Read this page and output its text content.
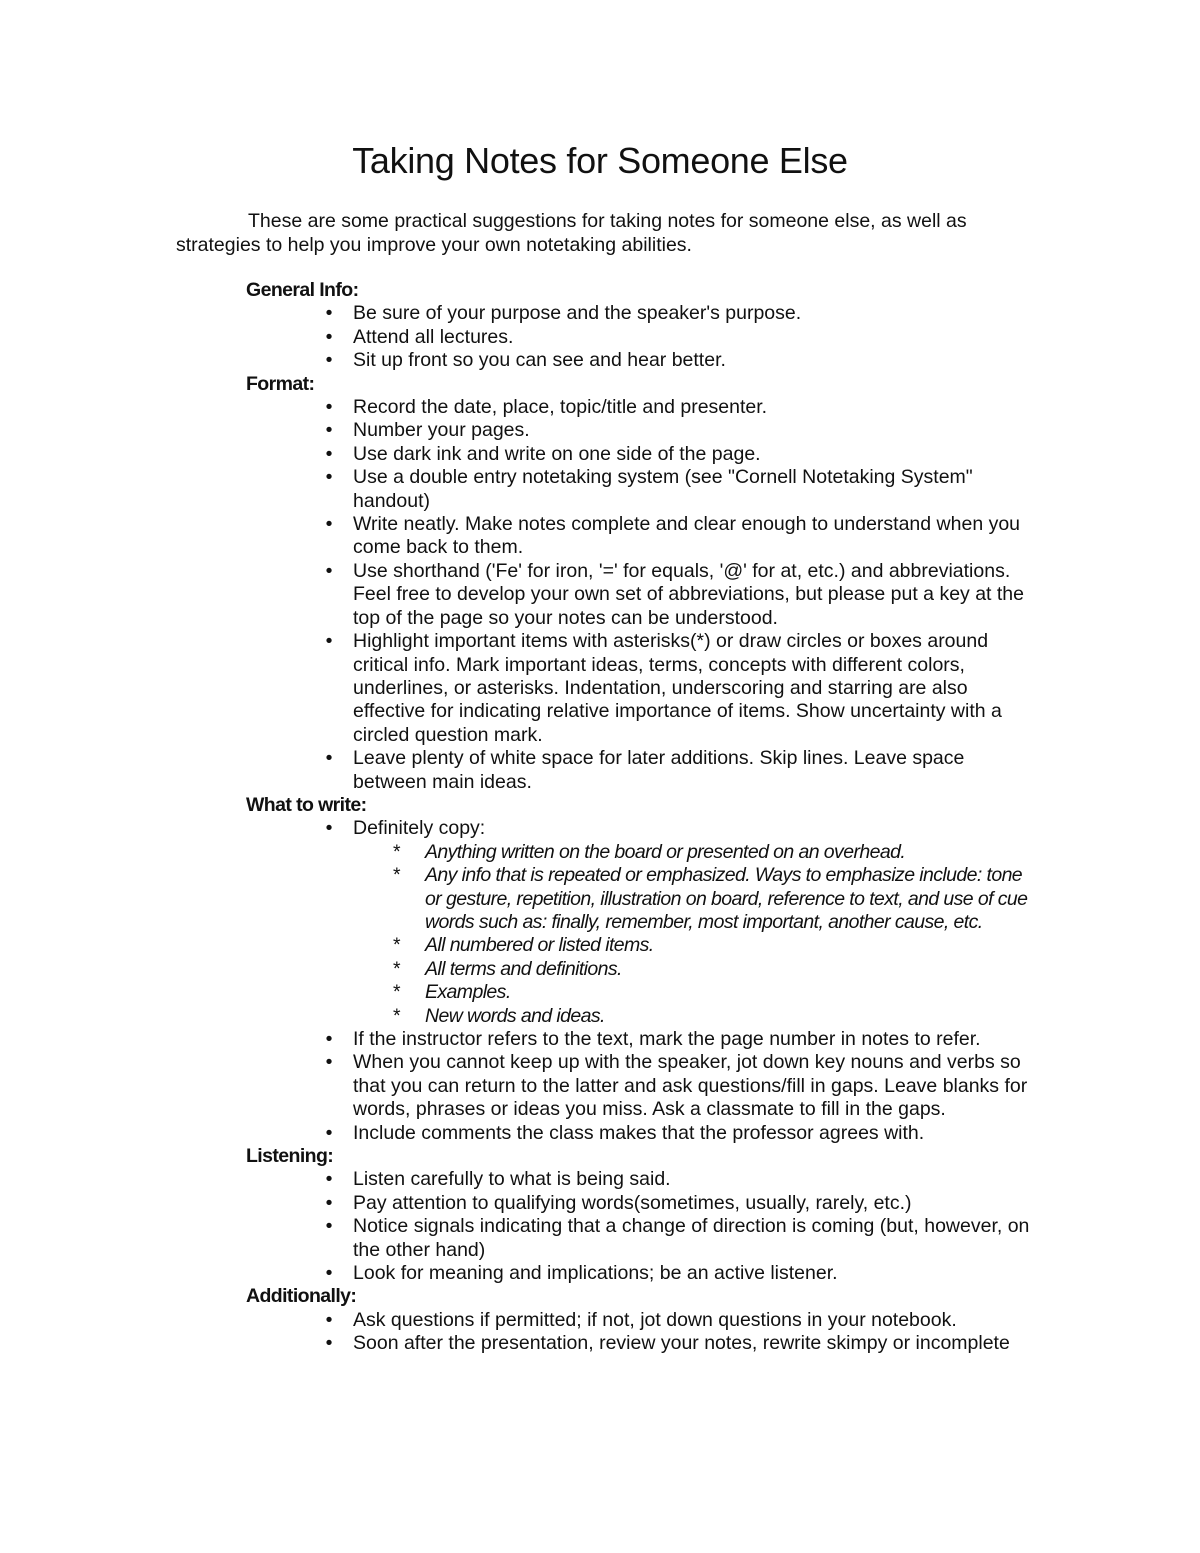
Taking Notes for Someone Else

These are some practical suggestions for taking notes for someone else, as well as strategies to help you improve your own notetaking abilities.

General Info:
•	Be sure of your purpose and the speaker's purpose.
•	Attend all lectures.
•	Sit up front so you can see and hear better.
Format:
•	Record the date, place, topic/title and presenter.
•	Number your pages.
•	Use dark ink and write on one side of the page.
•	Use a double entry notetaking system (see "Cornell Notetaking System" handout)
•	Write neatly. Make notes complete and clear enough to understand when you come back to them.
•	Use shorthand ('Fe' for iron, '=' for equals, '@' for at, etc.) and abbreviations. Feel free to develop your own set of abbreviations, but please put a key at the top of the page so your notes can be understood.
•	Highlight important items with asterisks(*) or draw circles or boxes around critical info. Mark important ideas, terms, concepts with different colors, underlines, or asterisks. Indentation, underscoring and starring are also effective for indicating relative importance of items. Show uncertainty with a circled question mark.
•	Leave plenty of white space for later additions. Skip lines. Leave space between main ideas.
What to write:
•	Definitely copy:
* Anything written on the board or presented on an overhead.
* Any info that is repeated or emphasized. Ways to emphasize include: tone or gesture, repetition, illustration on board, reference to text, and use of cue words such as: finally, remember, most important, another cause, etc.
* All numbered or listed items.
* All terms and definitions.
* Examples.
* New words and ideas.
•	If the instructor refers to the text, mark the page number in notes to refer.
•	When you cannot keep up with the speaker, jot down key nouns and verbs so that you can return to the latter and ask questions/fill in gaps. Leave blanks for words, phrases or ideas you miss. Ask a classmate to fill in the gaps.
•	Include comments the class makes that the professor agrees with.
Listening:
•	Listen carefully to what is being said.
•	Pay attention to qualifying words(sometimes, usually, rarely, etc.)
•	Notice signals indicating that a change of direction is coming (but, however, on the other hand)
•	Look for meaning and implications; be an active listener.
Additionally:
•	Ask questions if permitted; if not, jot down questions in your notebook.
•	Soon after the presentation, review your notes, rewrite skimpy or incomplete
